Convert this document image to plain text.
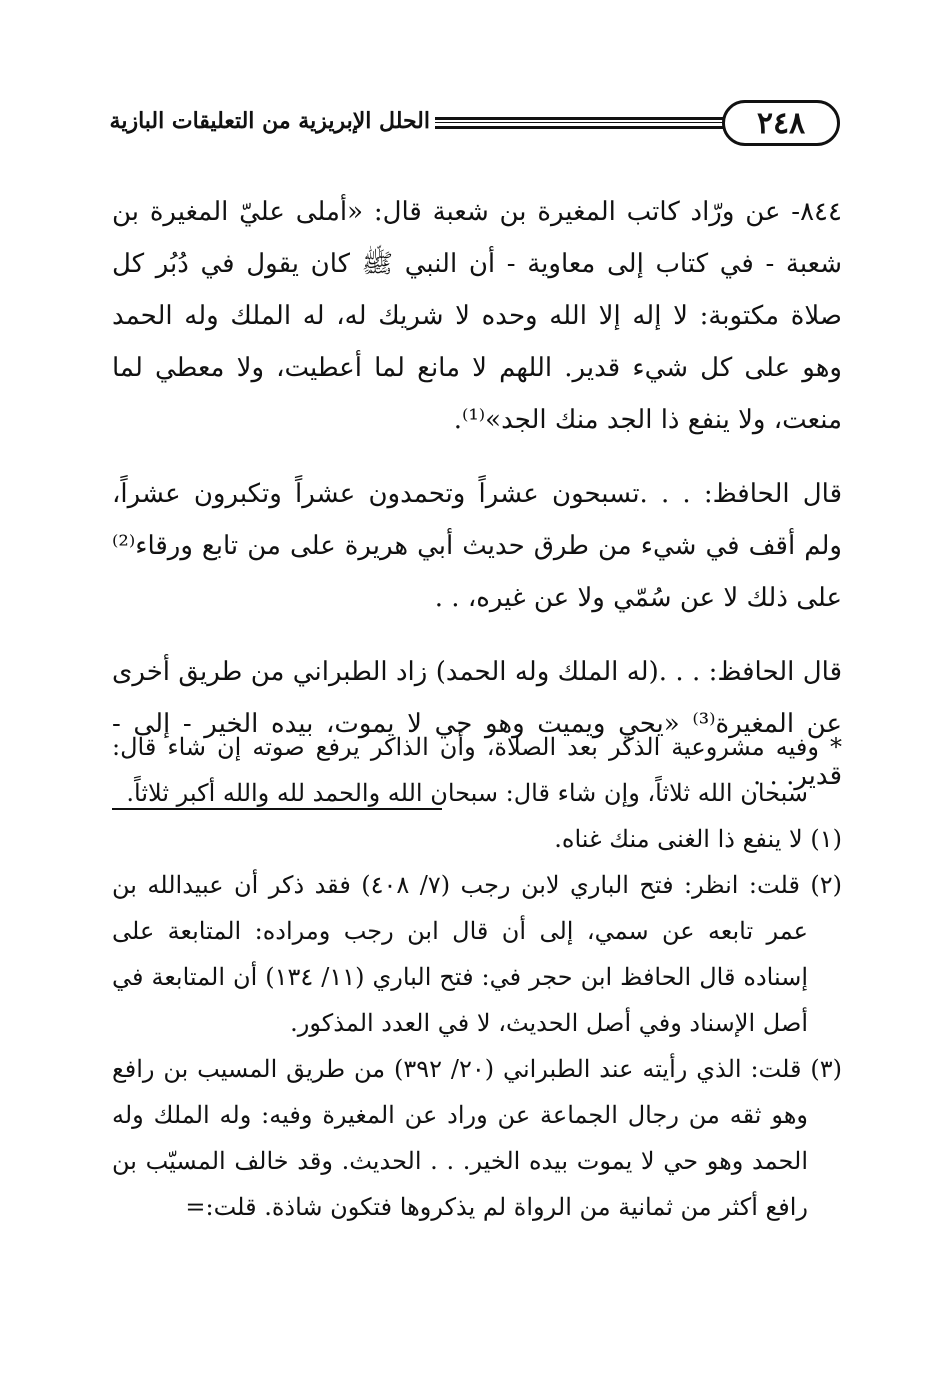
٢٤٨
الحلل الإبريزية من التعليقات البازية

٨٤٤- عن ورّاد كاتب المغيرة بن شعبة قال: «أملى عليّ المغيرة بن شعبة - في كتاب إلى معاوية - أن النبي ﷺ كان يقول في دُبُر كل صلاة مكتوبة: لا إله إلا الله وحده لا شريك له، له الملك وله الحمد وهو على كل شيء قدير. اللهم لا مانع لما أعطيت، ولا معطي لما منعت، ولا ينفع ذا الجد منك الجد»⁽¹⁾.

قال الحافظ: . . .تسبحون عشراً وتحمدون عشراً وتكبرون عشراً، ولم أقف في شيء من طرق حديث أبي هريرة على من تابع ورقاء⁽²⁾ على ذلك لا عن سُمّي ولا عن غيره، . .

قال الحافظ: . . .(له الملك وله الحمد) زاد الطبراني من طريق أخرى عن المغيرة⁽³⁾ «يحي ويميت وهو حي لا يموت، بيده الخير - إلى - قدير. . .

* وفيه مشروعية الذكر بعد الصلاة، وأن الذاكر يرفع صوته إن شاء قال: سبحان الله ثلاثاً، وإن شاء قال: سبحان الله والحمد لله والله أكبر ثلاثاً.

(١) لا ينفع ذا الغنى منك غناه.

(٢) قلت: انظر: فتح الباري لابن رجب (٧/ ٤٠٨) فقد ذكر أن عبيدالله بن عمر تابعه عن سمي، إلى أن قال ابن رجب ومراده: المتابعة على إسناده قال الحافظ ابن حجر في: فتح الباري (١١/ ١٣٤) أن المتابعة في أصل الإسناد وفي أصل الحديث، لا في العدد المذكور.

(٣) قلت: الذي رأيته عند الطبراني (٢٠/ ٣٩٢) من طريق المسيب بن رافع وهو ثقه من رجال الجماعة عن وراد عن المغيرة وفيه: وله الملك وله الحمد وهو حي لا يموت بيده الخير. . . الحديث. وقد خالف المسيّب بن رافع أكثر من ثمانية من الرواة لم يذكروها فتكون شاذة. قلت:=
